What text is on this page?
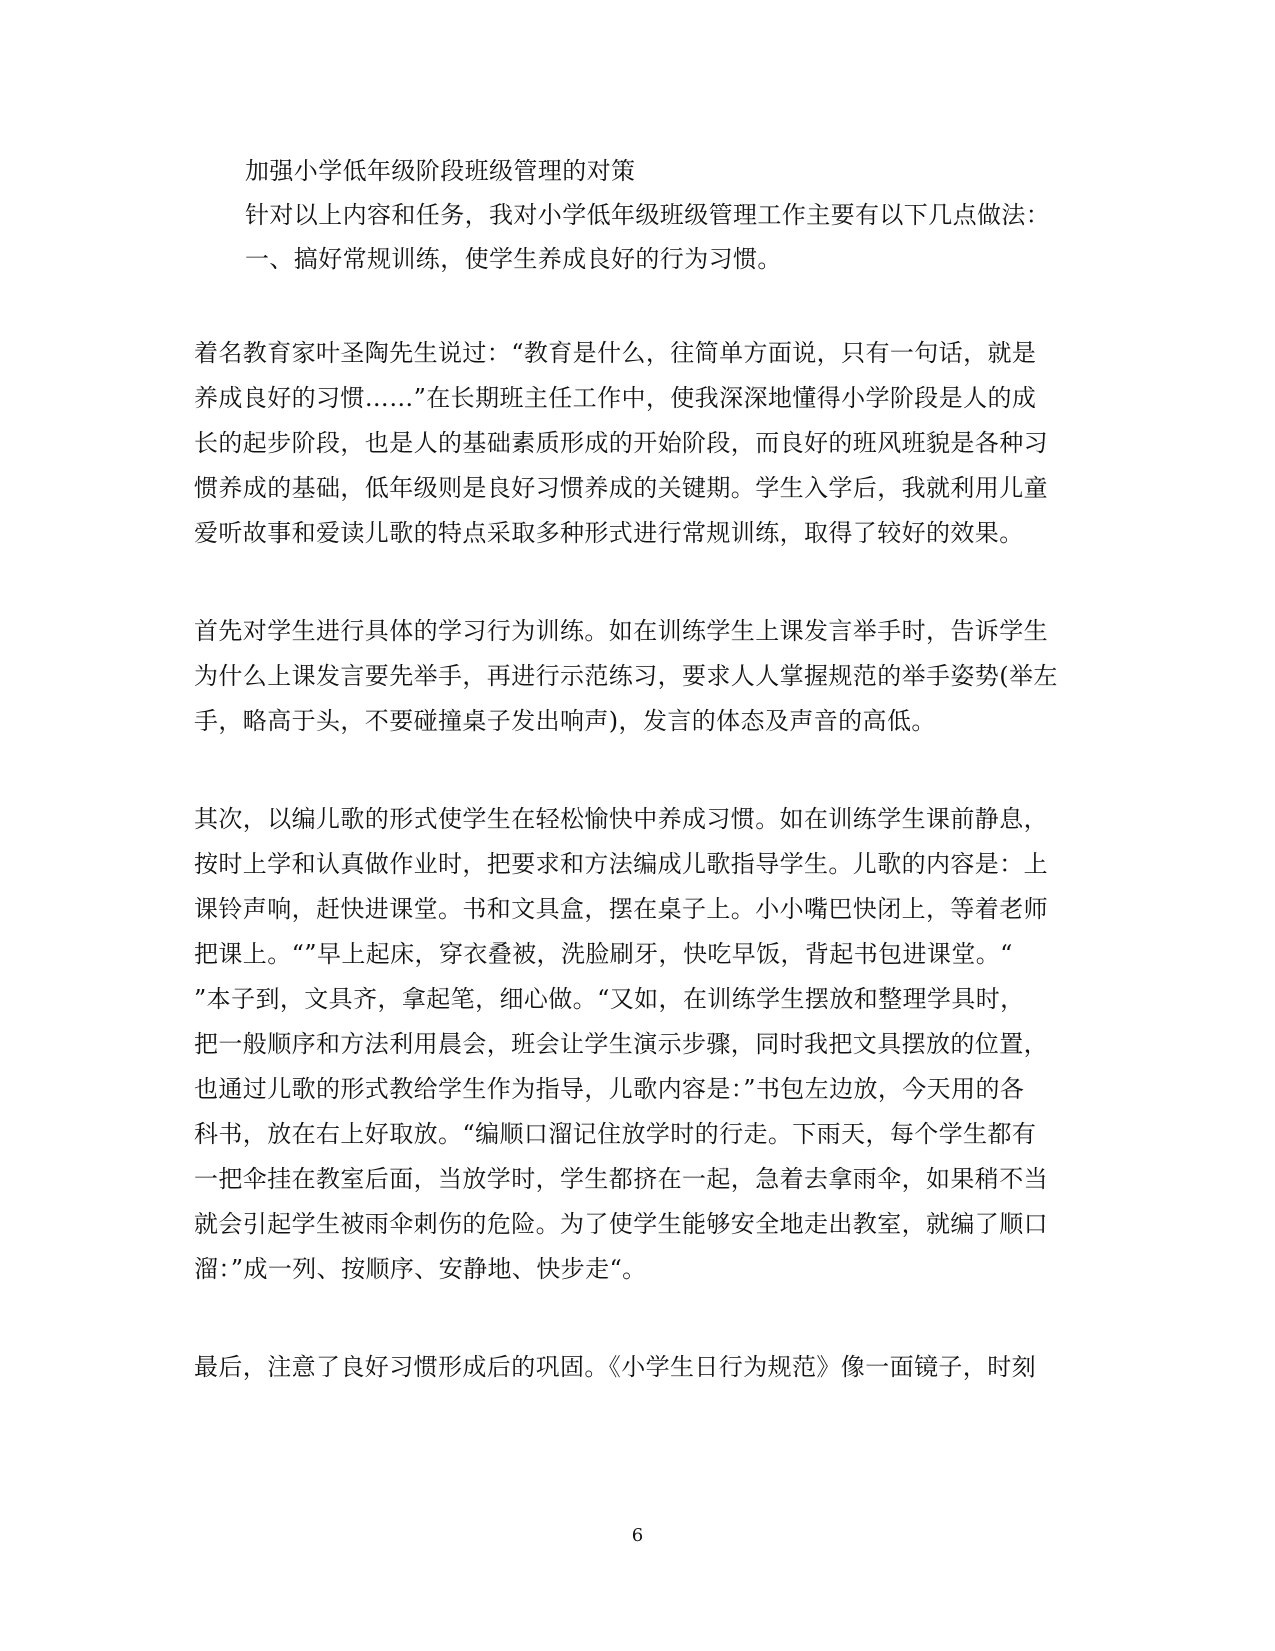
加强小学低年级阶段班级管理的对策
针对以上内容和任务，我对小学低年级班级管理工作主要有以下几点做法：
一、搞好常规训练，使学生养成良好的行为习惯。
着名教育家叶圣陶先生说过：“教育是什么，往简单方面说，只有一句话，就是
养成良好的习惯……”在长期班主任工作中，使我深深地懂得小学阶段是人的成
长的起步阶段，也是人的基础素质形成的开始阶段，而良好的班风班貌是各种习
惯养成的基础，低年级则是良好习惯养成的关键期。学生入学后，我就利用儿童
爱听故事和爱读儿歌的特点采取多种形式进行常规训练，取得了较好的效果。
首先对学生进行具体的学习行为训练。如在训练学生上课发言举手时，告诉学生
为什么上课发言要先举手，再进行示范练习，要求人人掌握规范的举手姿势(举左
手，略高于头，不要碰撞桌子发出响声)，发言的体态及声音的高低。
其次，以编儿歌的形式使学生在轻松愉快中养成习惯。如在训练学生课前静息，
按时上学和认真做作业时，把要求和方法编成儿歌指导学生。儿歌的内容是：上
课铃声响，赶快进课堂。书和文具盒，摆在桌子上。小小嘴巴快闭上，等着老师
把课上。“”早上起床，穿衣叠被，洗脸刷牙，快吃早饭，背起书包进课堂。“
”本子到，文具齐，拿起笔，细心做。“又如，在训练学生摆放和整理学具时，
把一般顺序和方法利用晨会，班会让学生演示步骤，同时我把文具摆放的位置，
也通过儿歌的形式教给学生作为指导，儿歌内容是：”书包左边放，今天用的各
科书，放在右上好取放。“编顺口溜记住放学时的行走。下雨天，每个学生都有
一把伞挂在教室后面，当放学时，学生都挤在一起，急着去拿雨伞，如果稍不当
就会引起学生被雨伞刺伤的危险。为了使学生能够安全地走出教室，就编了顺口
溜：”成一列、按顺序、安静地、快步走“。
最后，注意了良好习惯形成后的巩固。《小学生日行为规范》像一面镜子，时刻
6
